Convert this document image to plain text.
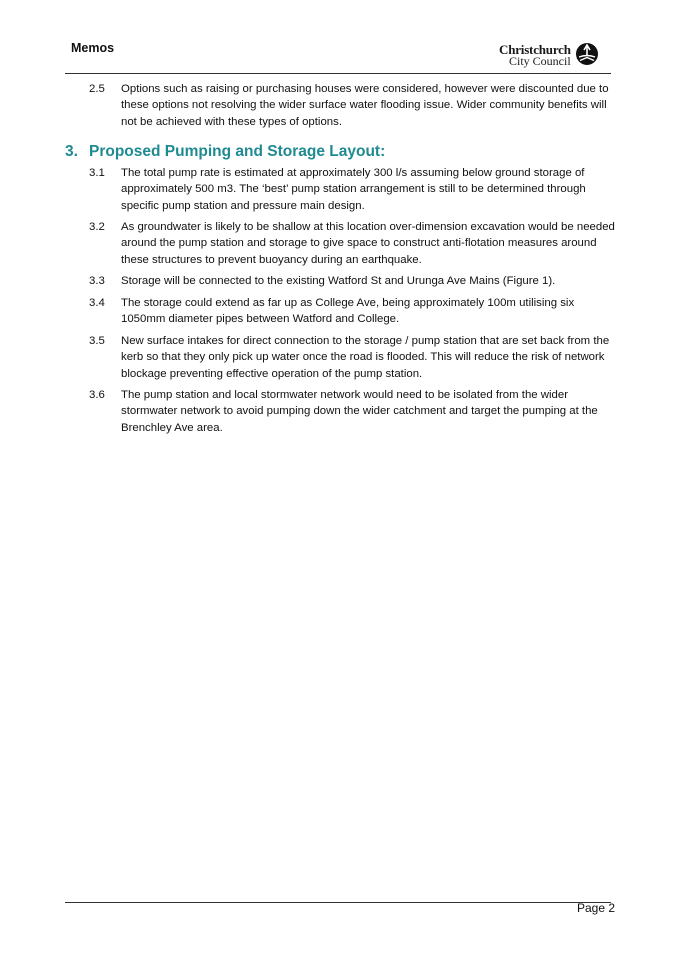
Memos	Christchurch
City Council
2.5 Options such as raising or purchasing houses were considered, however were discounted due to these options not resolving the wider surface water flooding issue. Wider community benefits will not be achieved with these types of options.
3. Proposed Pumping and Storage Layout:
3.1 The total pump rate is estimated at approximately 300 l/s assuming below ground storage of approximately 500 m3. The ‘best’ pump station arrangement is still to be determined through specific pump station and pressure main design.
3.2 As groundwater is likely to be shallow at this location over-dimension excavation would be needed around the pump station and storage to give space to construct anti-flotation measures around these structures to prevent buoyancy during an earthquake.
3.3 Storage will be connected to the existing Watford St and Urunga Ave Mains (Figure 1).
3.4 The storage could extend as far up as College Ave, being approximately 100m utilising six 1050mm diameter pipes between Watford and College.
3.5 New surface intakes for direct connection to the storage / pump station that are set back from the kerb so that they only pick up water once the road is flooded. This will reduce the risk of network blockage preventing effective operation of the pump station.
3.6 The pump station and local stormwater network would need to be isolated from the wider stormwater network to avoid pumping down the wider catchment and target the pumping at the Brenchley Ave area.
Page 2
